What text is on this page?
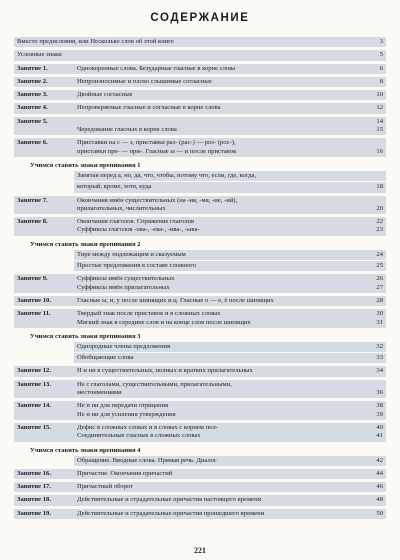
СОДЕРЖАНИЕ
Вместо предисловия, или Несколько слов об этой книге	3
Условные знаки	5
Занятие 1.	Однокоренные слова. Безударные гласные в корне слова	6
Занятие 2.	Непроизносимые и плохо слышимые согласные	8
Занятие 3.	Двойные согласные	10
Занятие 4.	Непроверяемые гласные и согласные в корне слова	12
Занятие 5.	14

Чередование гласных в корне слова	15
Занятие 6.	Приставки на с — з, приставки раз- (рас-) — роз- (рос-),
приставки пре- — при-. Гласные ы — и после приставок	16
Учимся ставить знаки препинания 1
Запятая перед а, но, да, что, чтобы, потому что, если, где, когда,
который, кроме, хотя, куда	18
Занятие 7.	Окончания имён существительных (на -ия, -мя, -ие, -ий),
прилагательных, числительных	20
Занятие 8.	Окончания глаголов. Спряжение глаголов	22
Суффиксы глаголов -ова-, -ева-, -ива-, -ыва-	23
Учимся ставить знаки препинания 2
Тире между подлежащим и сказуемым	24
Простые предложения в составе сложного	25
Занятие 9.	Суффиксы имён существительных	26
Суффиксы имён прилагательных	27
Занятие 10.	Гласные ы, и, у после шипящих и ц. Гласные о — е, ё после шипящих	28
Занятие 11.	Твердый знак после приставок и в сложных словах	30
Мягкий знак в середине слов и на конце слов после шипящих	31
Учимся ставить знаки препинания 3
Однородные члены предложения	32
Обобщающие слова	33
Занятие 12.	Н и нн в существительных, полных и кратких прилагательных	34
Занятие 13.	Не с глаголами, существительными, прилагательными,
местоимениями	36
Занятие 14.	Не и ни для передачи отрицания	38
Не и ни для усиления утверждения	39
Занятие 15.	Дефис в сложных словах и в словах с корнем пол-	40
Соединительные гласные в сложных словах	41
Учимся ставить знаки препинания 4
Обращение. Вводные слова. Прямая речь. Диалог	42
Занятие 16.	Причастие. Окончания причастий	44
Занятие 17.	Причастный оборот	46
Занятие 18.	Действительные и страдательные причастия настоящего времени	48
Занятие 19.	Действительные и страдательные причастия прошедшего времени	50
221
